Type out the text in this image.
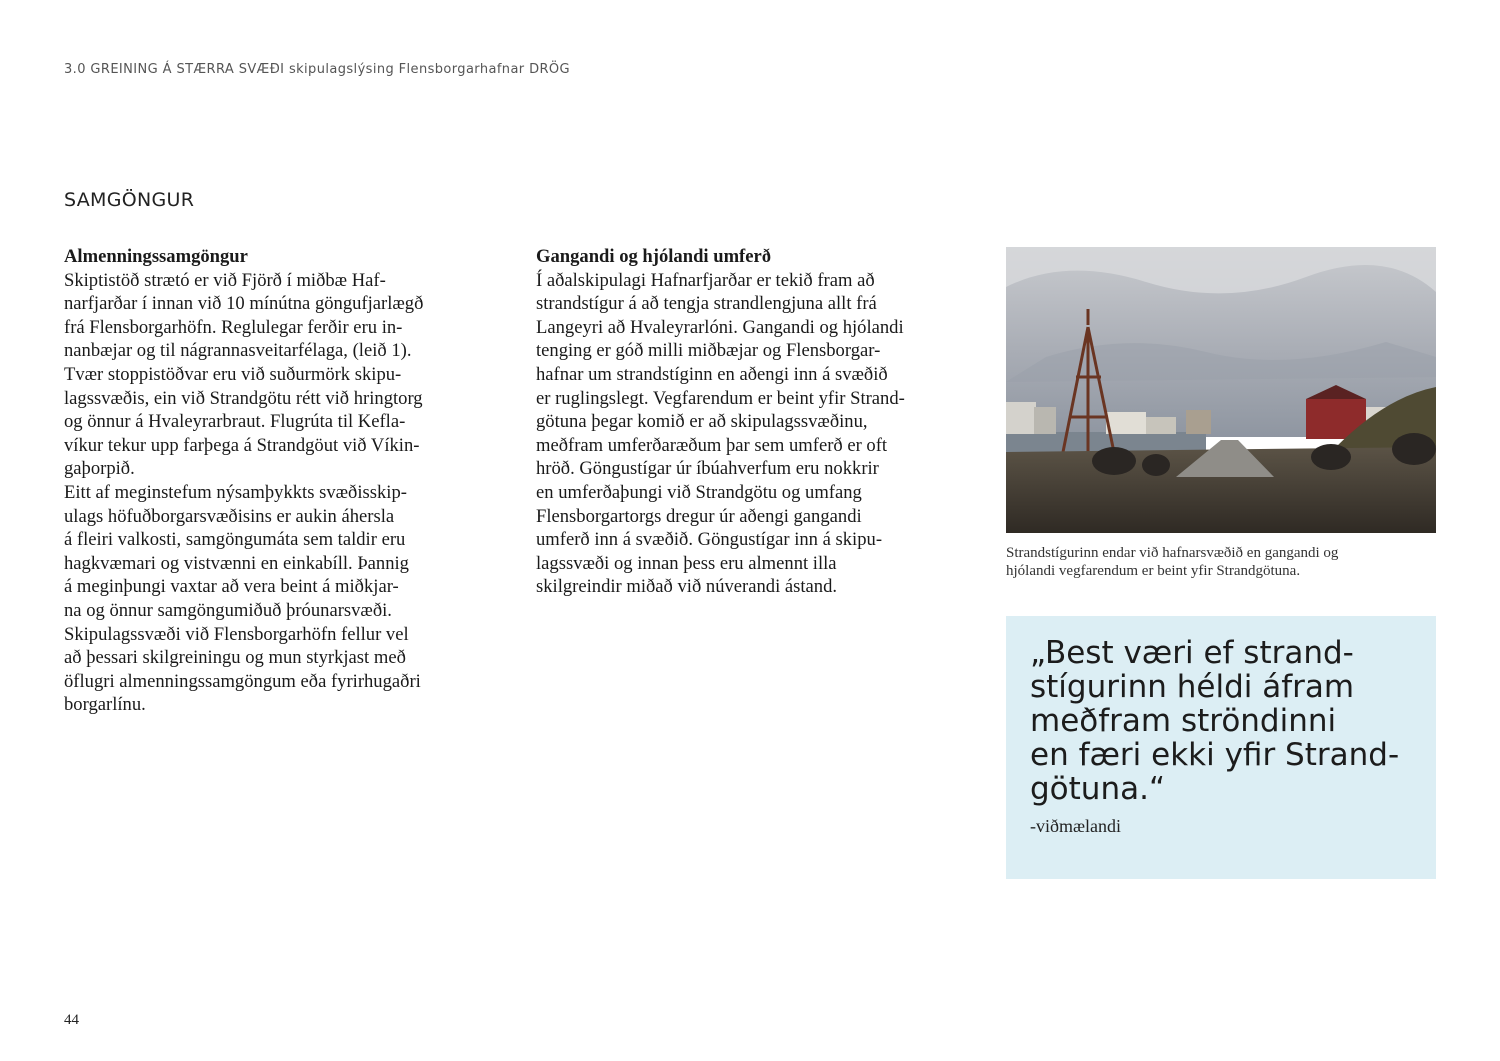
3.0 GREINING Á STÆRRA SVÆÐI skipulagslýsing Flensborgarhafnar DRÖG
SAMGÖNGUR
Almenningssamgöngur
Skiptistöð strætó er við Fjörð í miðbæ Haf-
narfjarðar í innan við 10 mínútna göngufjarlægð
frá Flensborgarhöfn. Reglulegar ferðir eru in-
nanbæjar og til nágrannasveitarfélaga, (leið 1).
Tvær stoppistöðvar eru við suðurmörk skipu-
lagssvæðis, ein við Strandgötu rétt við hringtorg
og önnur á Hvaleyrarbraut. Flugrúta til Kefla-
víkur tekur upp farþega á Strandgöut við Víkin-
gaþorpið.
Eitt af meginstefum nýsamþykkts svæðisskip-
ulags höfuðborgarsvæðisins er aukin áhersla
á fleiri valkosti, samgöngumáta sem taldir eru
hagkvæmari og vistvænni en einkabíll. Þannig
á meginþungi vaxtar að vera beint á miðkjar-
na og önnur samgöngumiðuð þróunarsvæði.
Skipulagssvæði við Flensborgarhöfn fellur vel
að þessari skilgreiningu og mun styrkjast með
öflugri almenningssamgöngum eða fyrirhugaðri
borgarlínu.
Gangandi og hjólandi umferð
Í aðalskipulagi Hafnarfjarðar er tekið fram að
strandstígur á að tengja strandlengjuna allt frá
Langeyri að Hvaleyrarlóni. Gangandi og hjólandi
tenging er góð milli miðbæjar og Flensborgar-
hafnar um strandstíginn en aðengi inn á svæðið
er ruglingslegt. Vegfarendum er beint yfir Strand-
götuna þegar komið er að skipulagssvæðinu,
meðfram umferðaræðum þar sem umferð er oft
hröð. Göngustígar úr íbúahverfum eru nokkrir
en umferðaþungi við Strandgötu og umfang
Flensborgartorgs dregur úr aðengi gangandi
umferð inn á svæðið. Göngustígar inn á skipu-
lagssvæði og innan þess eru almennt illa
skilgreindir miðað við núverandi ástand.
Strandstígurinn endar við hafnarsvæðið en gangandi og
hjólandi vegfarendum er beint yfir Strandgötuna.
„Best væri ef strand-
stígurinn héldi áfram
meðfram ströndinni
en færi ekki yfir Strand-
götuna.“
-viðmælandi
44
